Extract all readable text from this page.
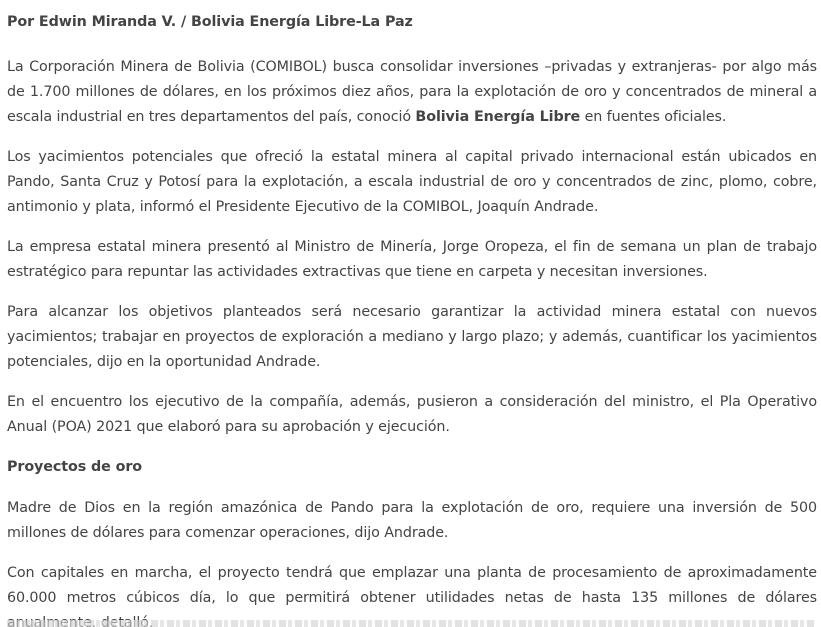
Por Edwin Miranda V. / Bolivia Energía Libre-La Paz

La Corporación Minera de Bolivia (COMIBOL) busca consolidar inversiones –privadas y extranjeras- por algo más de 1.700 millones de dólares, en los próximos diez años, para la explotación de oro y concentrados de mineral a escala industrial en tres departamentos del país, conoció Bolivia Energía Libre en fuentes oficiales.

Los yacimientos potenciales que ofreció la estatal minera al capital privado internacional están ubicados en Pando, Santa Cruz y Potosí para la explotación, a escala industrial de oro y concentrados de zinc, plomo, cobre, antimonio y plata, informó el Presidente Ejecutivo de la COMIBOL, Joaquín Andrade.

La empresa estatal minera presentó al Ministro de Minería, Jorge Oropeza, el fin de semana un plan de trabajo estratégico para repuntar las actividades extractivas que tiene en carpeta y necesitan inversiones.

Para alcanzar los objetivos planteados será necesario garantizar la actividad minera estatal con nuevos yacimientos; trabajar en proyectos de exploración a mediano y largo plazo; y además, cuantificar los yacimientos potenciales, dijo en la oportunidad Andrade.

En el encuentro los ejecutivo de la compañía, además, pusieron a consideración del ministro, el Pla Operativo Anual (POA) 2021 que elaboró para su aprobación y ejecución.

Proyectos de oro

Madre de Dios en la región amazónica de Pando para la explotación de oro, requiere una inversión de 500 millones de dólares para comenzar operaciones, dijo Andrade.

Con capitales en marcha, el proyecto tendrá que emplazar una planta de procesamiento de aproximadamente 60.000 metros cúbicos día, lo que permitirá obtener utilidades netas de hasta 135 millones de dólares
